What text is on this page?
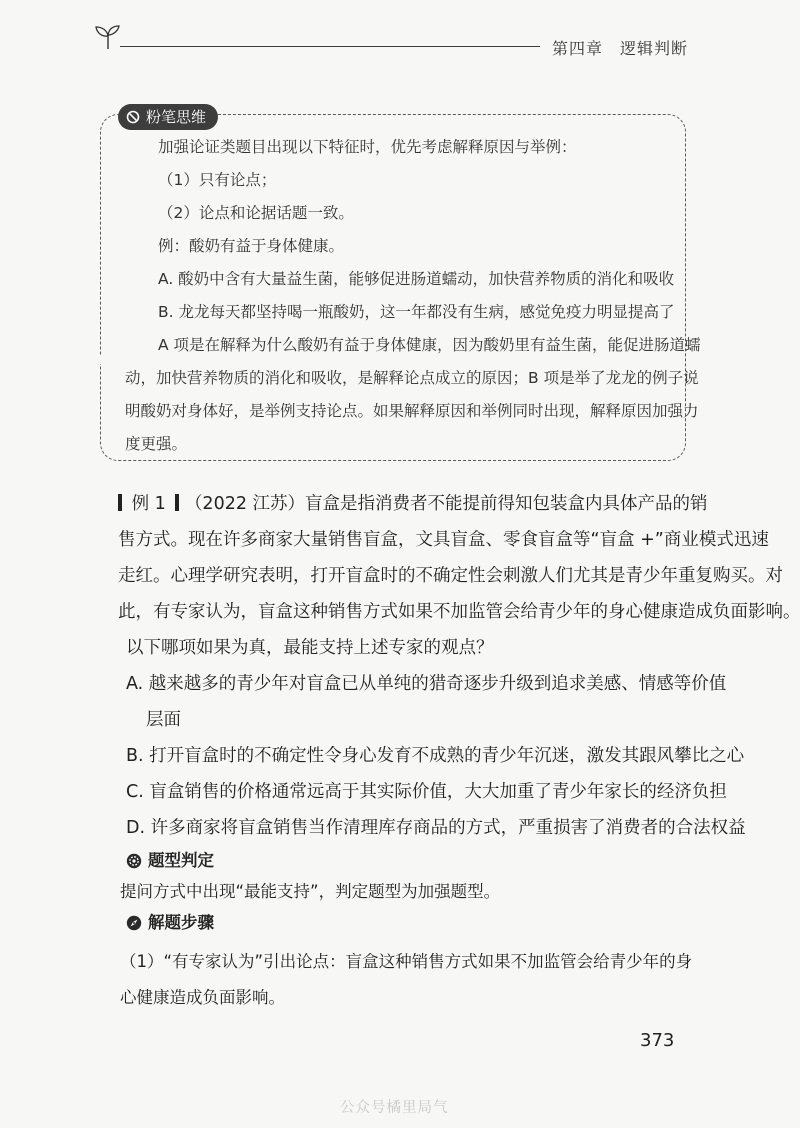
第四章　逻辑判断
粉笔思维
加强论证类题目出现以下特征时，优先考虑解释原因与举例：
（1）只有论点；
（2）论点和论据话题一致。
例：酸奶有益于身体健康。
A. 酸奶中含有大量益生菌，能够促进肠道蠕动，加快营养物质的消化和吸收
B. 龙龙每天都坚持喝一瓶酸奶，这一年都没有生病，感觉免疫力明显提高了
A 项是在解释为什么酸奶有益于身体健康，因为酸奶里有益生菌，能促进肠道蠕
动，加快营养物质的消化和吸收，是解释论点成立的原因；B 项是举了龙龙的例子说
明酸奶对身体好，是举例支持论点。如果解释原因和举例同时出现，解释原因加强力
度更强。
例 1 （2022 江苏）盲盒是指消费者不能提前得知包装盒内具体产品的销
售方式。现在许多商家大量销售盲盒，文具盲盒、零食盲盒等“盲盒 +”商业模式迅速
走红。心理学研究表明，打开盲盒时的不确定性会刺激人们尤其是青少年重复购买。对
此，有专家认为，盲盒这种销售方式如果不加监管会给青少年的身心健康造成负面影响。
以下哪项如果为真，最能支持上述专家的观点？
A. 越来越多的青少年对盲盒已从单纯的猎奇逐步升级到追求美感、情感等价值
层面
B. 打开盲盒时的不确定性令身心发育不成熟的青少年沉迷，激发其跟风攀比之心
C. 盲盒销售的价格通常远高于其实际价值，大大加重了青少年家长的经济负担
D. 许多商家将盲盒销售当作清理库存商品的方式，严重损害了消费者的合法权益
题型判定
提问方式中出现“最能支持”，判定题型为加强题型。
解题步骤
（1）“有专家认为”引出论点：盲盒这种销售方式如果不加监管会给青少年的身
心健康造成负面影响。
373
公众号橘里局气
